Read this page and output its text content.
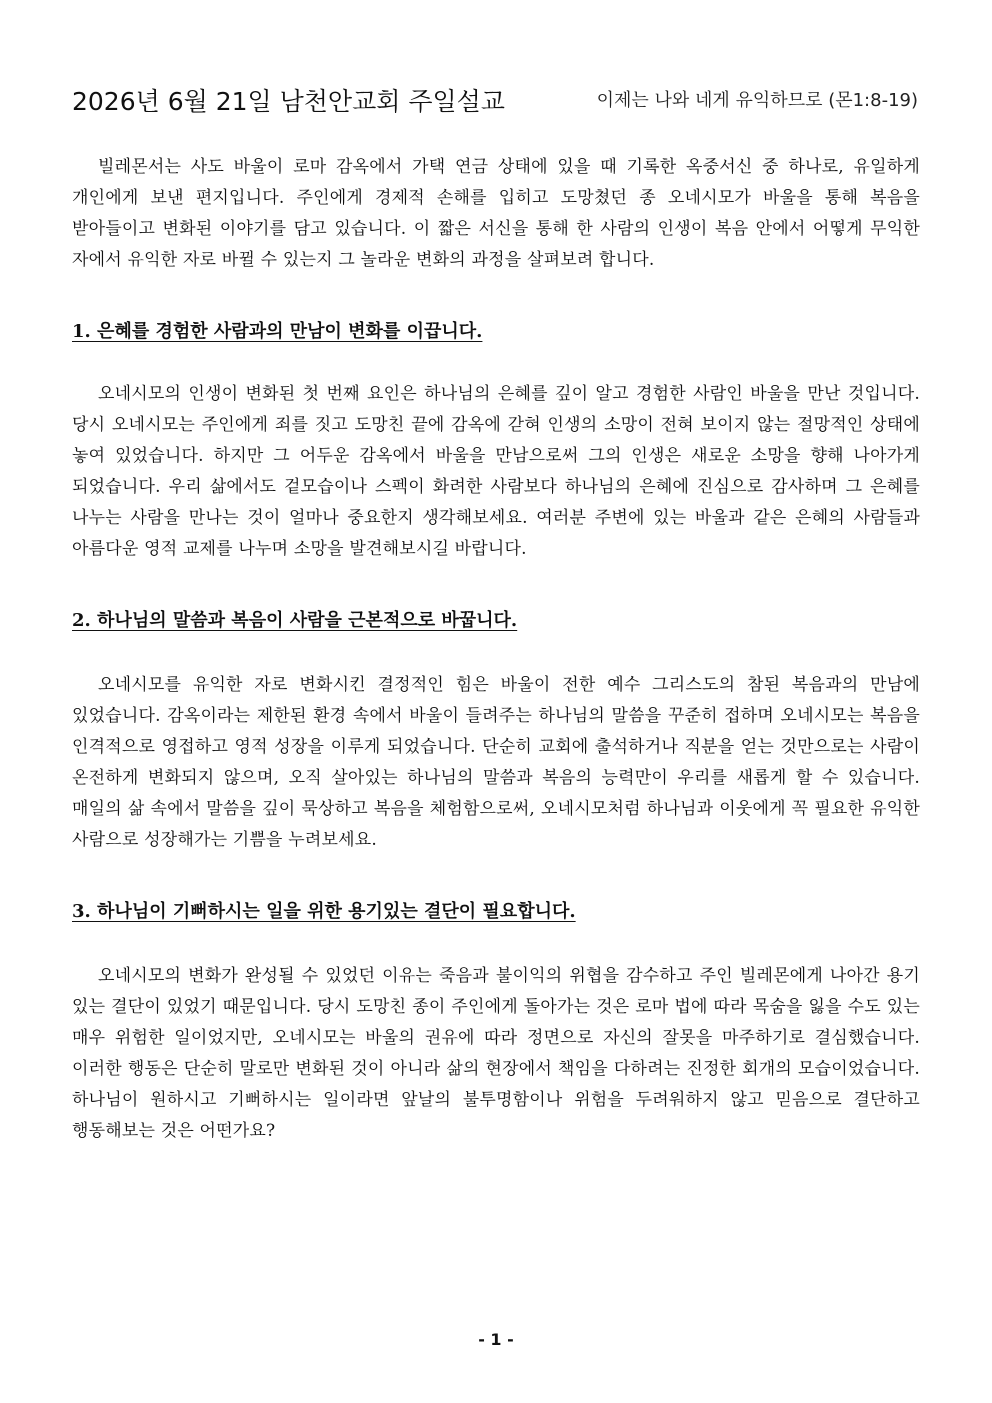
2026년 6월 21일 남천안교회 주일설교	이제는 나와 네게 유익하므로 (몬1:8-19)

빌레몬서는 사도 바울이 로마 감옥에서 가택 연금 상태에 있을 때 기록한 옥중서신 중 하나로, 유일하게 개인에게 보낸 편지입니다. 주인에게 경제적 손해를 입히고 도망쳤던 종 오네시모가 바울을 통해 복음을 받아들이고 변화된 이야기를 담고 있습니다. 이 짧은 서신을 통해 한 사람의 인생이 복음 안에서 어떻게 무익한 자에서 유익한 자로 바뀔 수 있는지 그 놀라운 변화의 과정을 살펴보려 합니다.

1. 은혜를 경험한 사람과의 만남이 변화를 이끕니다.

오네시모의 인생이 변화된 첫 번째 요인은 하나님의 은혜를 깊이 알고 경험한 사람인 바울을 만난 것입니다. 당시 오네시모는 주인에게 죄를 짓고 도망친 끝에 감옥에 갇혀 인생의 소망이 전혀 보이지 않는 절망적인 상태에 놓여 있었습니다. 하지만 그 어두운 감옥에서 바울을 만남으로써 그의 인생은 새로운 소망을 향해 나아가게 되었습니다. 우리 삶에서도 겉모습이나 스펙이 화려한 사람보다 하나님의 은혜에 진심으로 감사하며 그 은혜를 나누는 사람을 만나는 것이 얼마나 중요한지 생각해보세요. 여러분 주변에 있는 바울과 같은 은혜의 사람들과 아름다운 영적 교제를 나누며 소망을 발견해보시길 바랍니다.

2. 하나님의 말씀과 복음이 사람을 근본적으로 바꿉니다.

오네시모를 유익한 자로 변화시킨 결정적인 힘은 바울이 전한 예수 그리스도의 참된 복음과의 만남에 있었습니다. 감옥이라는 제한된 환경 속에서 바울이 들려주는 하나님의 말씀을 꾸준히 접하며 오네시모는 복음을 인격적으로 영접하고 영적 성장을 이루게 되었습니다. 단순히 교회에 출석하거나 직분을 얻는 것만으로는 사람이 온전하게 변화되지 않으며, 오직 살아있는 하나님의 말씀과 복음의 능력만이 우리를 새롭게 할 수 있습니다. 매일의 삶 속에서 말씀을 깊이 묵상하고 복음을 체험함으로써, 오네시모처럼 하나님과 이웃에게 꼭 필요한 유익한 사람으로 성장해가는 기쁨을 누려보세요.

3. 하나님이 기뻐하시는 일을 위한 용기있는 결단이 필요합니다.

오네시모의 변화가 완성될 수 있었던 이유는 죽음과 불이익의 위협을 감수하고 주인 빌레몬에게 나아간 용기 있는 결단이 있었기 때문입니다. 당시 도망친 종이 주인에게 돌아가는 것은 로마 법에 따라 목숨을 잃을 수도 있는 매우 위험한 일이었지만, 오네시모는 바울의 권유에 따라 정면으로 자신의 잘못을 마주하기로 결심했습니다. 이러한 행동은 단순히 말로만 변화된 것이 아니라 삶의 현장에서 책임을 다하려는 진정한 회개의 모습이었습니다. 하나님이 원하시고 기뻐하시는 일이라면 앞날의 불투명함이나 위험을 두려워하지 않고 믿음으로 결단하고 행동해보는 것은 어떤가요?

- 1 -
